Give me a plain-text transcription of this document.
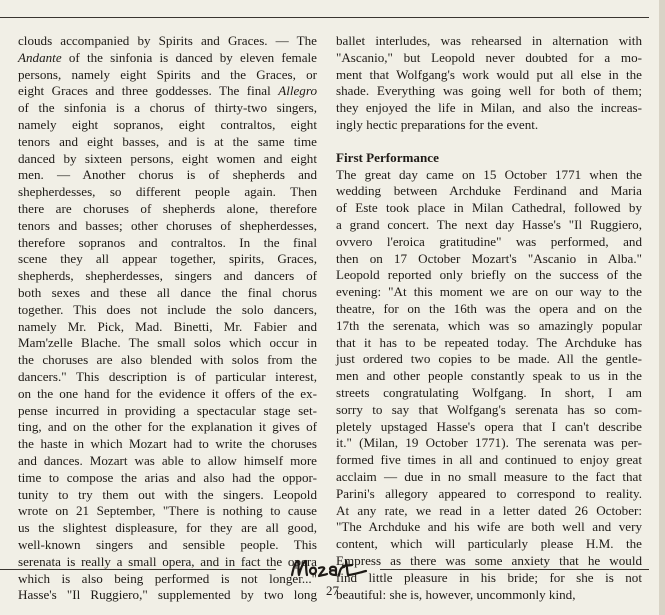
clouds accompanied by Spirits and Graces. — The
Andante of the sinfonia is danced by eleven female
persons, namely eight Spirits and the Graces, or
eight Graces and three goddesses. The final Allegro
of the sinfonia is a chorus of thirty-two singers,
namely eight sopranos, eight contraltos, eight
tenors and eight basses, and is at the same time
danced by sixteen persons, eight women and eight
men. — Another chorus is of shepherds and
shepherdesses, so different people again. Then
there are choruses of shepherds alone, therefore
tenors and basses; other choruses of shepherdesses,
therefore sopranos and contraltos. In the final
scene they all appear together, spirits, Graces,
shepherds, shepherdesses, singers and dancers of
both sexes and these all dance the final chorus
together. This does not include the solo dancers,
namely Mr. Pick, Mad. Binetti, Mr. Fabier and
Mam'zelle Blache. The small solos which occur in
the choruses are also blended with solos from the
dancers." This description is of particular interest,
on the one hand for the evidence it offers of the ex-
pense incurred in providing a spectacular stage set-
ting, and on the other for the explanation it gives of
the haste in which Mozart had to write the choruses
and dances. Mozart was able to allow himself more
time to compose the arias and also had the oppor-
tunity to try them out with the singers. Leopold
wrote on 21 September, "There is nothing to cause
us the slightest displeasure, for they are all good,
well-known singers and sensible people. This
serenata is really a small opera, and in fact the opera
which is also being performed is not longer..."
Hasse's "Il Ruggiero," supplemented by two long
ballet interludes, was rehearsed in alternation with
"Ascanio," but Leopold never doubted for a mo-
ment that Wolfgang's work would put all else in the
shade. Everything was going well for both of them;
they enjoyed the life in Milan, and also the increas-
ingly hectic preparations for the event.
First Performance
The great day came on 15 October 1771 when the
wedding between Archduke Ferdinand and Maria
of Este took place in Milan Cathedral, followed by
a grand concert. The next day Hasse's "Il Ruggiero,
ovvero l'eroica gratitudine" was performed, and
then on 17 October Mozart's "Ascanio in Alba."
Leopold reported only briefly on the success of the
evening: "At this moment we are on our way to the
theatre, for on the 16th was the opera and on the
17th the serenata, which was so amazingly popular
that it has to be repeated today. The Archduke has
just ordered two copies to be made. All the gentle-
men and other people constantly speak to us in the
streets congratulating Wolfgang. In short, I am
sorry to say that Wolfgang's serenata has so com-
pletely upstaged Hasse's opera that I can't describe
it." (Milan, 19 October 1771). The serenata was per-
formed five times in all and continued to enjoy great
acclaim — due in no small measure to the fact that
Parini's allegory appeared to correspond to reality.
At any rate, we read in a letter dated 26 October:
"The Archduke and his wife are both well and very
content, which will particularly please H.M. the
Empress as there was some anxiety that he would
find little pleasure in his bride; for she is not
beautiful: she is, however, uncommonly kind,
27
